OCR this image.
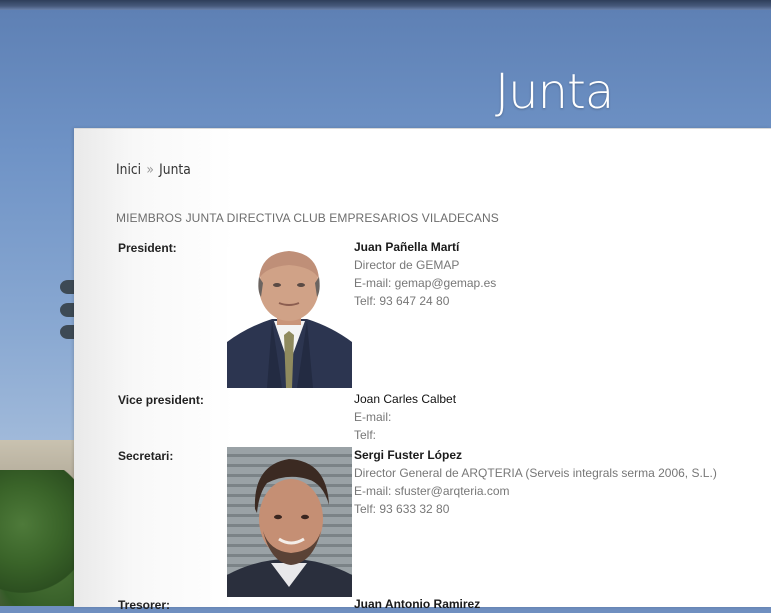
Junta
Inici » Junta
MIEMBROS JUNTA DIRECTIVA CLUB EMPRESARIOS VILADECANS
President:	Juan Pañella Martí
Director de GEMAP
E-mail: gemap@gemap.es
Telf: 93 647 24 80
Vice president:	Joan Carles Calbet
E-mail:
Telf:
Secretari:	Sergi Fuster López
Director General de ARQTERIA (Serveis integrals serma 2006, S.L.)
E-mail: sfuster@arqteria.com
Telf: 93 633 32 80
Tresorer:	Juan Antonio Ramirez
